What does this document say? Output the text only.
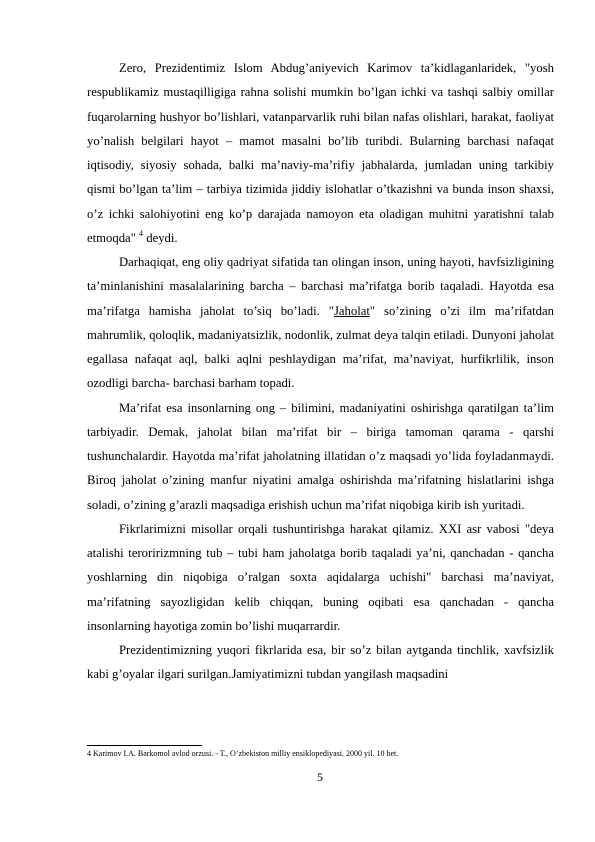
Zero, Prezidentimiz Islom Abdug’aniyevich Karimov ta’kidlaganlaridek, "yosh respublikamiz mustaqilligiga rahna solishi mumkin bo’lgan ichki va tashqi salbiy omillar fuqarolarning hushyor bo’lishlari, vatanparvarlik ruhi bilan nafas olishlari, harakat, faoliyat yo’nalish belgilari hayot – mamot masalni bo’lib turibdi. Bularning barchasi nafaqat iqtisodiy, siyosiy sohada, balki ma’naviy-ma’rifiy jabhalarda, jumladan uning tarkibiy qismi bo’lgan ta’lim – tarbiya tizimida jiddiy islohatlar o’tkazishni va bunda inson shaxsi, o’z ichki salohiyotini eng ko’p darajada namoyon eta oladigan muhitni yaratishni talab etmoqda" $^4$ deydi.

Darhaqiqat, eng oliy qadriyat sifatida tan olingan inson, uning hayoti, havfsizligining ta’minlanishini masalalarining barcha – barchasi ma’rifatga borib taqaladi. Hayotda esa ma’rifatga hamisha jaholat to’siq bo’ladi. "Jaholat" so’zining o’zi ilm ma’rifatdan mahrumlik, qoloqlik, madaniyatsizlik, nodonlik, zulmat deya talqin etiladi. Dunyoni jaholat egallasa nafaqat aql, balki aqlni peshlaydigan ma’rifat, ma’naviyat, hurfikrlilik, inson ozodligi barcha- barchasi barham topadi.

Ma’rifat esa insonlarning ong – bilimini, madaniyatini oshirishga qaratilgan ta’lim tarbiyadir. Demak, jaholat bilan ma’rifat bir – biriga tamoman qarama - qarshi tushunchalardir. Hayotda ma’rifat jaholatning illatidan o’z maqsadi yo’lida foyladanmaydi. Biroq jaholat o’zining manfur niyatini amalga oshirishda ma’rifatning hislatlarini ishga soladi, o’zining g’arazli maqsadiga erishish uchun ma’rifat niqobiga kirib ish yuritadi.

Fikrlarimizni misollar orqali tushuntirishga harakat qilamiz. XXI asr vabosi "deya atalishi teroririzmning tub – tubi ham jaholatga borib taqaladi ya’ni, qanchadan - qancha yoshlarning din niqobiga o’ralgan soxta aqidalarga uchishi" barchasi ma’naviyat, ma’rifatning sayozligidan kelib chiqqan, buning oqibati esa qanchadan - qancha insonlarning hayotiga zomin bo’lishi muqarrardir.

Prezidentimizning yuqori fikrlarida esa, bir so’z bilan aytganda tinchlik, xavfsizlik kabi g’oyalar ilgari surilgan.Jamiyatimizni tubdan yangilash maqsadini

4 Karimov I.A. Barkomol avlod orzusi. - T., O’zbekiston milliy ensiklopediyasi. 2000 yil. 10 bet.
5
